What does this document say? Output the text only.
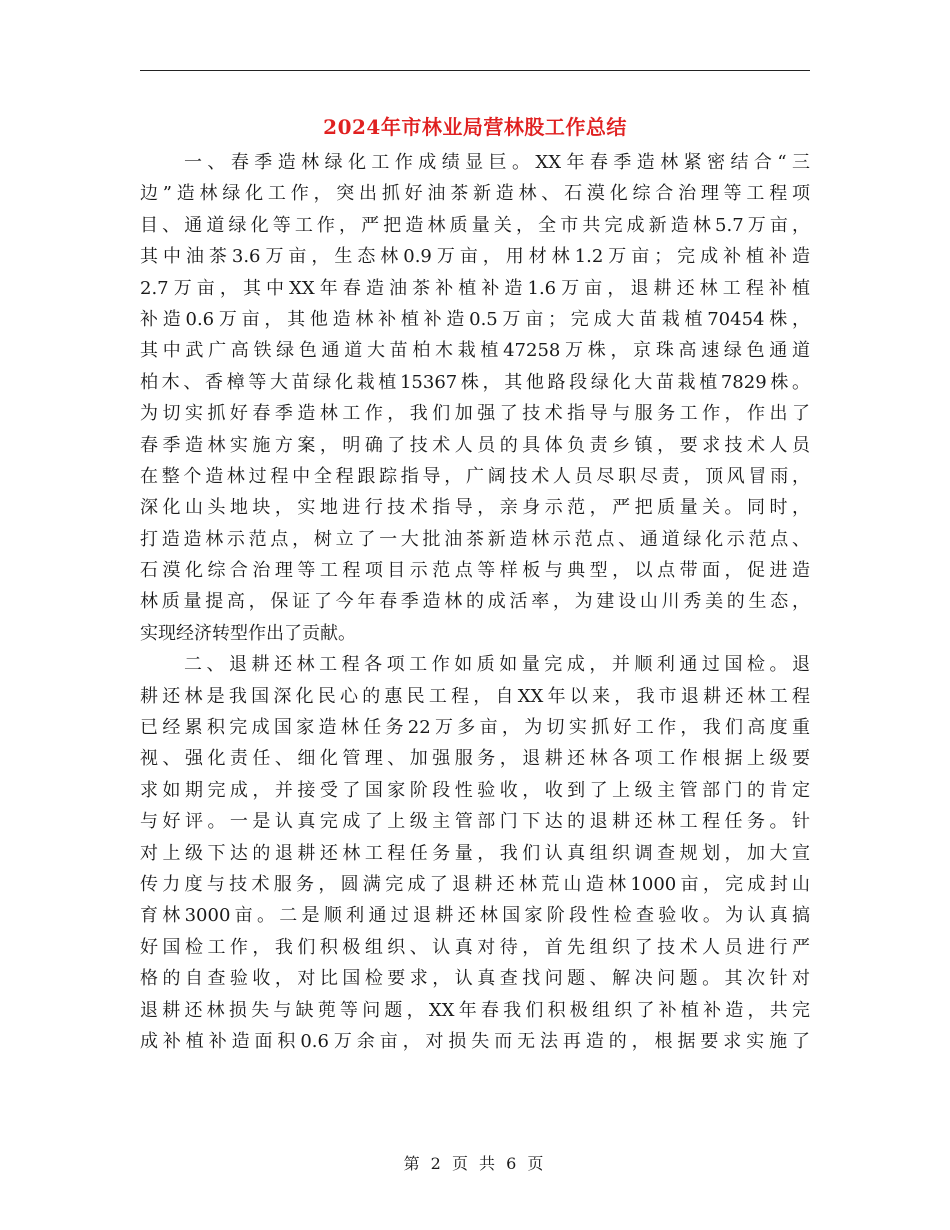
2024年市林业局营林股工作总结
一、春季造林绿化工作成绩显巨。XX年春季造林紧密结合“三
边”造林绿化工作，突出抓好油茶新造林、石漠化综合治理等工程项
目、通道绿化等工作，严把造林质量关，全市共完成新造林5.7万亩，
其中油茶3.6万亩，生态林0.9万亩，用材林1.2万亩；完成补植补造
2.7万亩，其中XX年春造油茶补植补造1.6万亩，退耕还林工程补植
补造0.6万亩，其他造林补植补造0.5万亩；完成大苗栽植70454株，
其中武广高铁绿色通道大苗柏木栽植47258万株，京珠高速绿色通道
柏木、香樟等大苗绿化栽植15367株，其他路段绿化大苗栽植7829株。
为切实抓好春季造林工作，我们加强了技术指导与服务工作，作出了
春季造林实施方案，明确了技术人员的具体负责乡镇，要求技术人员
在整个造林过程中全程跟踪指导，广阔技术人员尽职尽责，顶风冒雨，
深化山头地块，实地进行技术指导，亲身示范，严把质量关。同时，
打造造林示范点，树立了一大批油茶新造林示范点、通道绿化示范点、
石漠化综合治理等工程项目示范点等样板与典型，以点带面，促进造
林质量提高，保证了今年春季造林的成活率，为建设山川秀美的生态，
实现经济转型作出了贡献。
二、退耕还林工程各项工作如质如量完成，并顺利通过国检。退
耕还林是我国深化民心的惠民工程，自XX年以来，我市退耕还林工程
已经累积完成国家造林任务22万多亩，为切实抓好工作，我们高度重
视、强化责任、细化管理、加强服务，退耕还林各项工作根据上级要
求如期完成，并接受了国家阶段性验收，收到了上级主管部门的肯定
与好评。一是认真完成了上级主管部门下达的退耕还林工程任务。针
对上级下达的退耕还林工程任务量，我们认真组织调查规划，加大宣
传力度与技术服务，圆满完成了退耕还林荒山造林1000亩，完成封山
育林3000亩。二是顺利通过退耕还林国家阶段性检查验收。为认真搞
好国检工作，我们积极组织、认真对待，首先组织了技术人员进行严
格的自查验收，对比国检要求，认真查找问题、解决问题。其次针对
退耕还林损失与缺蔸等问题，XX年春我们积极组织了补植补造，共完
成补植补造面积0.6万余亩，对损失而无法再造的，根据要求实施了
第 2 页 共 6 页
